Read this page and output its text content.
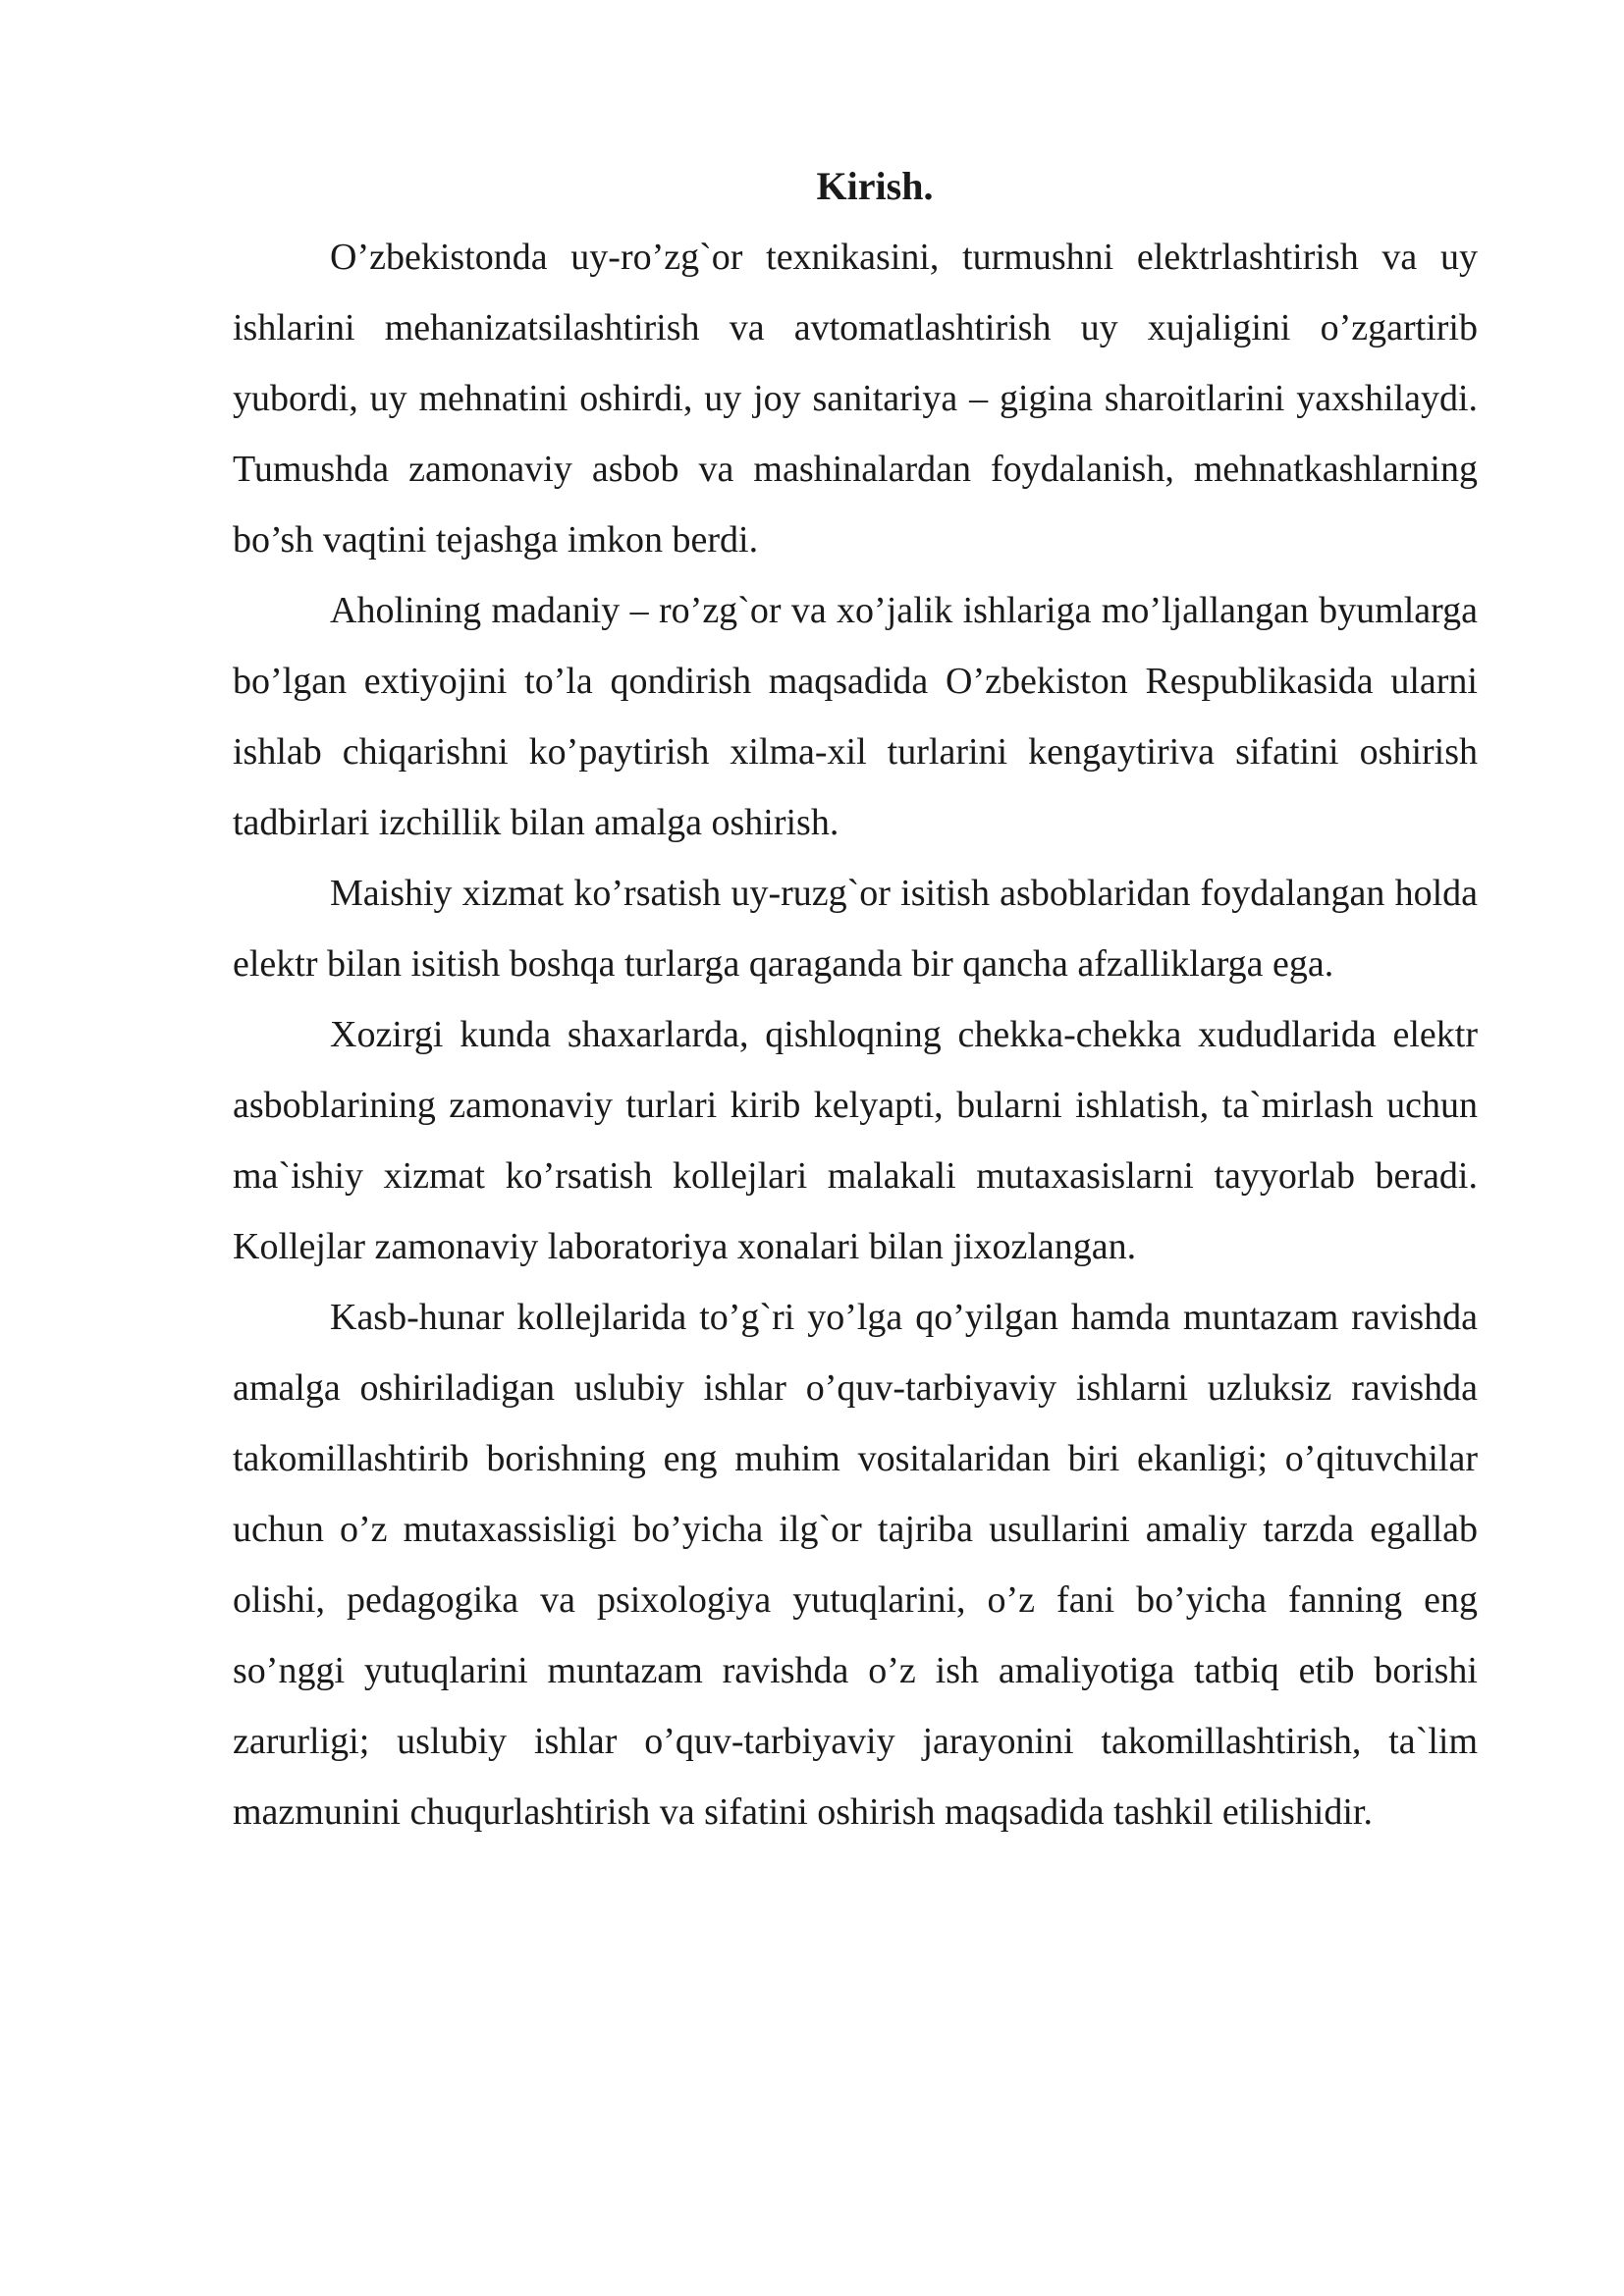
Kirish.

O’zbekistonda uy-ro’zg`or texnikasini, turmushni elektrlashtirish va uy ishlarini mehanizatsilashtirish va avtomatlashtirish uy xujaligini o’zgartirib yubordi, uy mehnatini oshirdi, uy joy sanitariya – gigina sharoitlarini yaxshilaydi. Tumushda zamonaviy asbob va mashinalardan foydalanish, mehnatkashlarning bo’sh vaqtini tejashga imkon berdi.

Aholining madaniy – ro’zg`or va xo’jalik ishlariga mo’ljallangan byumlarga bo’lgan extiyojini to’la qondirish maqsadida O’zbekiston Respublikasida ularni ishlab chiqarishni ko’paytirish xilma-xil turlarini kengaytiriva sifatini oshirish tadbirlari izchillik bilan amalga oshirish.

Maishiy xizmat ko’rsatish uy-ruzg`or isitish asboblaridan foydalangan holda elektr bilan isitish boshqa turlarga qaraganda bir qancha afzalliklarga ega.

Xozirgi kunda shaxarlarda, qishloqning chekka-chekka xududlarida elektr asboblarining zamonaviy turlari kirib kelyapti, bularni ishlatish, ta`mirlash uchun ma`ishiy xizmat ko’rsatish kollejlari malakali mutaxasislarni tayyorlab beradi. Kollejlar zamonaviy laboratoriya xonalari bilan jixozlangan.

Kasb-hunar kollejlarida to’g`ri yo’lga qo’yilgan hamda muntazam ravishda amalga oshiriladigan uslubiy ishlar o’quv-tarbiyaviy ishlarni uzluksiz ravishda takomillashtirib borishning eng muhim vositalaridan biri ekanligi; o’qituvchilar uchun o’z mutaxassisligi bo’yicha ilg`or tajriba usullarini amaliy tarzda egallab olishi, pedagogika va psixologiya yutuqlarini, o’z fani bo’yicha fanning eng so’nggi yutuqlarini muntazam ravishda o’z ish amaliyotiga tatbiq etib borishi zarurligi; uslubiy ishlar o’quv-tarbiyaviy jarayonini takomillashtirish, ta`lim mazmunini chuqurlashtirish va sifatini oshirish maqsadida tashkil etilishidir.
